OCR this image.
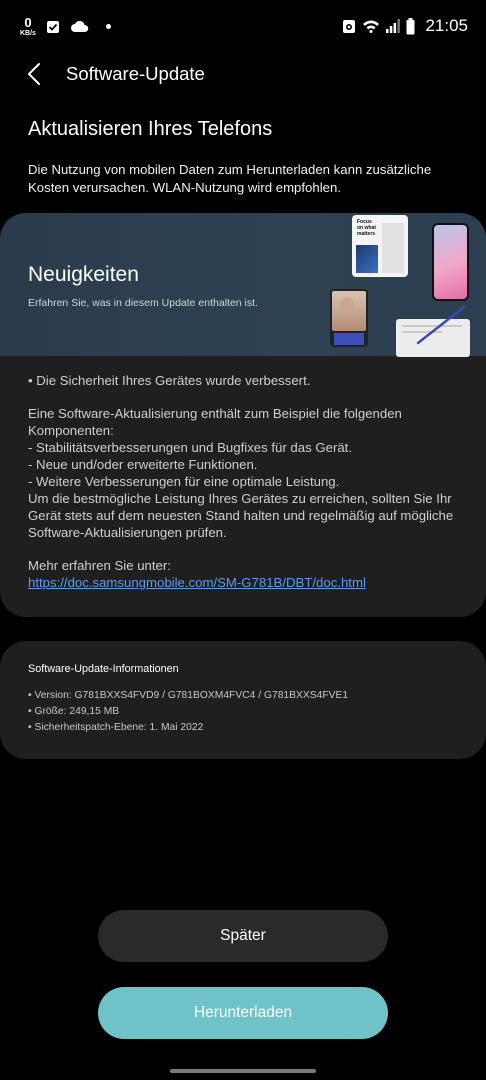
0
KB/s	21:05
Software-Update
Aktualisieren Ihres Telefons
Die Nutzung von mobilen Daten zum Herunterladen kann zusätzliche Kosten verursachen. WLAN-Nutzung wird empfohlen.
Neuigkeiten
Erfahren Sie, was in diesem Update enthalten ist.
Focus on what matters

• Die Sicherheit Ihres Gerätes wurde verbessert.

Eine Software-Aktualisierung enthält zum Beispiel die folgenden Komponenten:

- Stabilitätsverbesserungen und Bugfixes für das Gerät.

- Neue und/oder erweiterte Funktionen.

- Weitere Verbesserungen für eine optimale Leistung.

Um die bestmögliche Leistung Ihres Gerätes zu erreichen, sollten Sie Ihr Gerät stets auf dem neuesten Stand halten und regelmäßig auf mögliche Software-Aktualisierungen prüfen.

Mehr erfahren Sie unter:

https://doc.samsungmobile.com/SM-G781B/DBT/doc.html

Software-Update-Informationen
• Version: G781BXXS4FVD9 / G781BOXM4FVC4 / G781BXXS4FVE1
• Größe: 249,15 MB
• Sicherheitspatch-Ebene: 1. Mai 2022
Später
Herunterladen
